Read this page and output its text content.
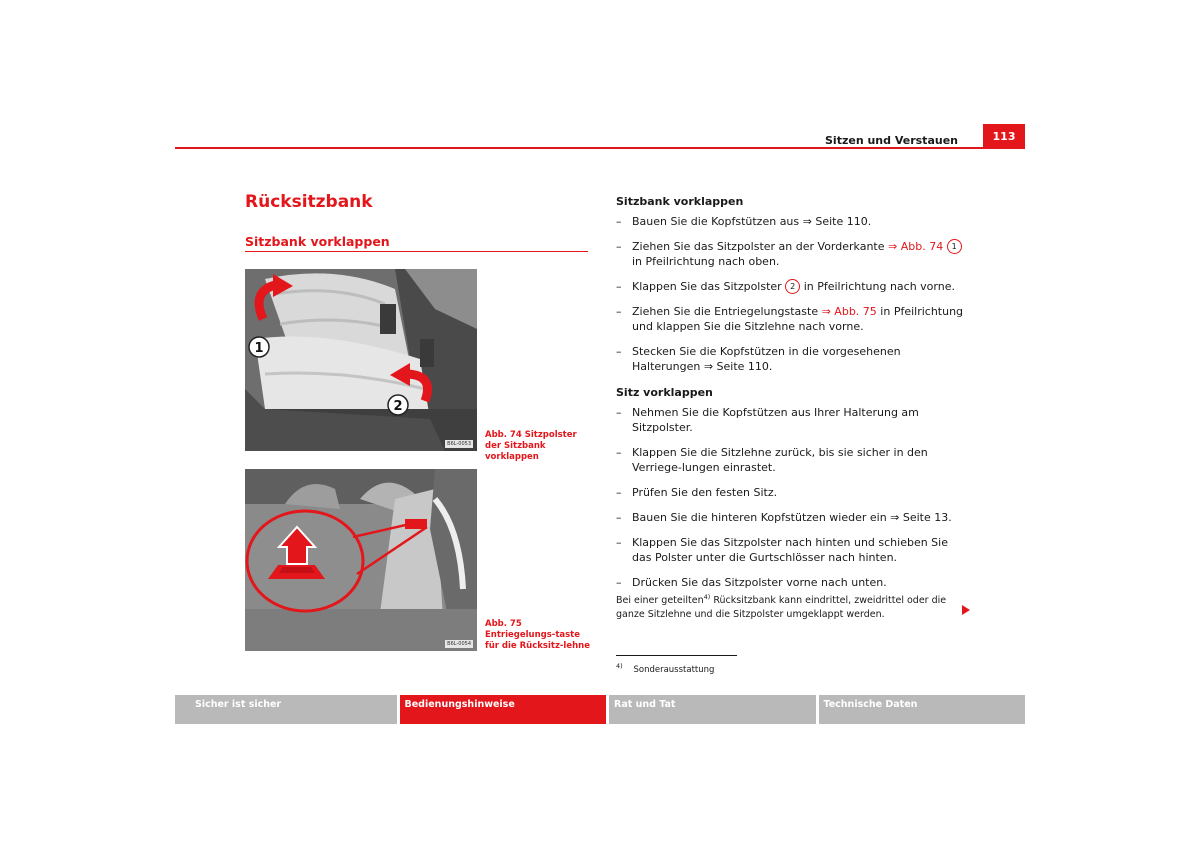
Sitzen und Verstauen	113
Rücksitzbank
Sitzbank vorklappen
1
2
B6L-0053
Abb. 74 Sitzpolster der Sitzbank vorklappen
B6L-0054
Abb. 75 Entriegelungs-taste für die Rücksitz-lehne

Sitzbank vorklappen

– Bauen Sie die Kopfstützen aus ⇒ Seite 110.
– Ziehen Sie das Sitzpolster an der Vorderkante ⇒ Abb. 74 1 in Pfeilrichtung nach oben.
– Klappen Sie das Sitzpolster 2 in Pfeilrichtung nach vorne.
– Ziehen Sie die Entriegelungstaste ⇒ Abb. 75 in Pfeilrichtung und klappen Sie die Sitzlehne nach vorne.
– Stecken Sie die Kopfstützen in die vorgesehenen Halterungen ⇒ Seite 110.

Sitz vorklappen

– Nehmen Sie die Kopfstützen aus Ihrer Halterung am Sitzpolster.
– Klappen Sie die Sitzlehne zurück, bis sie sicher in den Verriege-lungen einrastet.
– Prüfen Sie den festen Sitz.
– Bauen Sie die hinteren Kopfstützen wieder ein ⇒ Seite 13.
– Klappen Sie das Sitzpolster nach hinten und schieben Sie das Polster unter die Gurtschlösser nach hinten.
– Drücken Sie das Sitzpolster vorne nach unten.
Bei einer geteilten$^{4)}$ Rücksitzbank kann eindrittel, zweidrittel oder die ganze Sitzlehne und die Sitzpolster umgeklappt werden.
$^{4)}$ Sonderausstattung
Sicher ist sicher	Bedienungshinweise	Rat und Tat	Technische Daten
